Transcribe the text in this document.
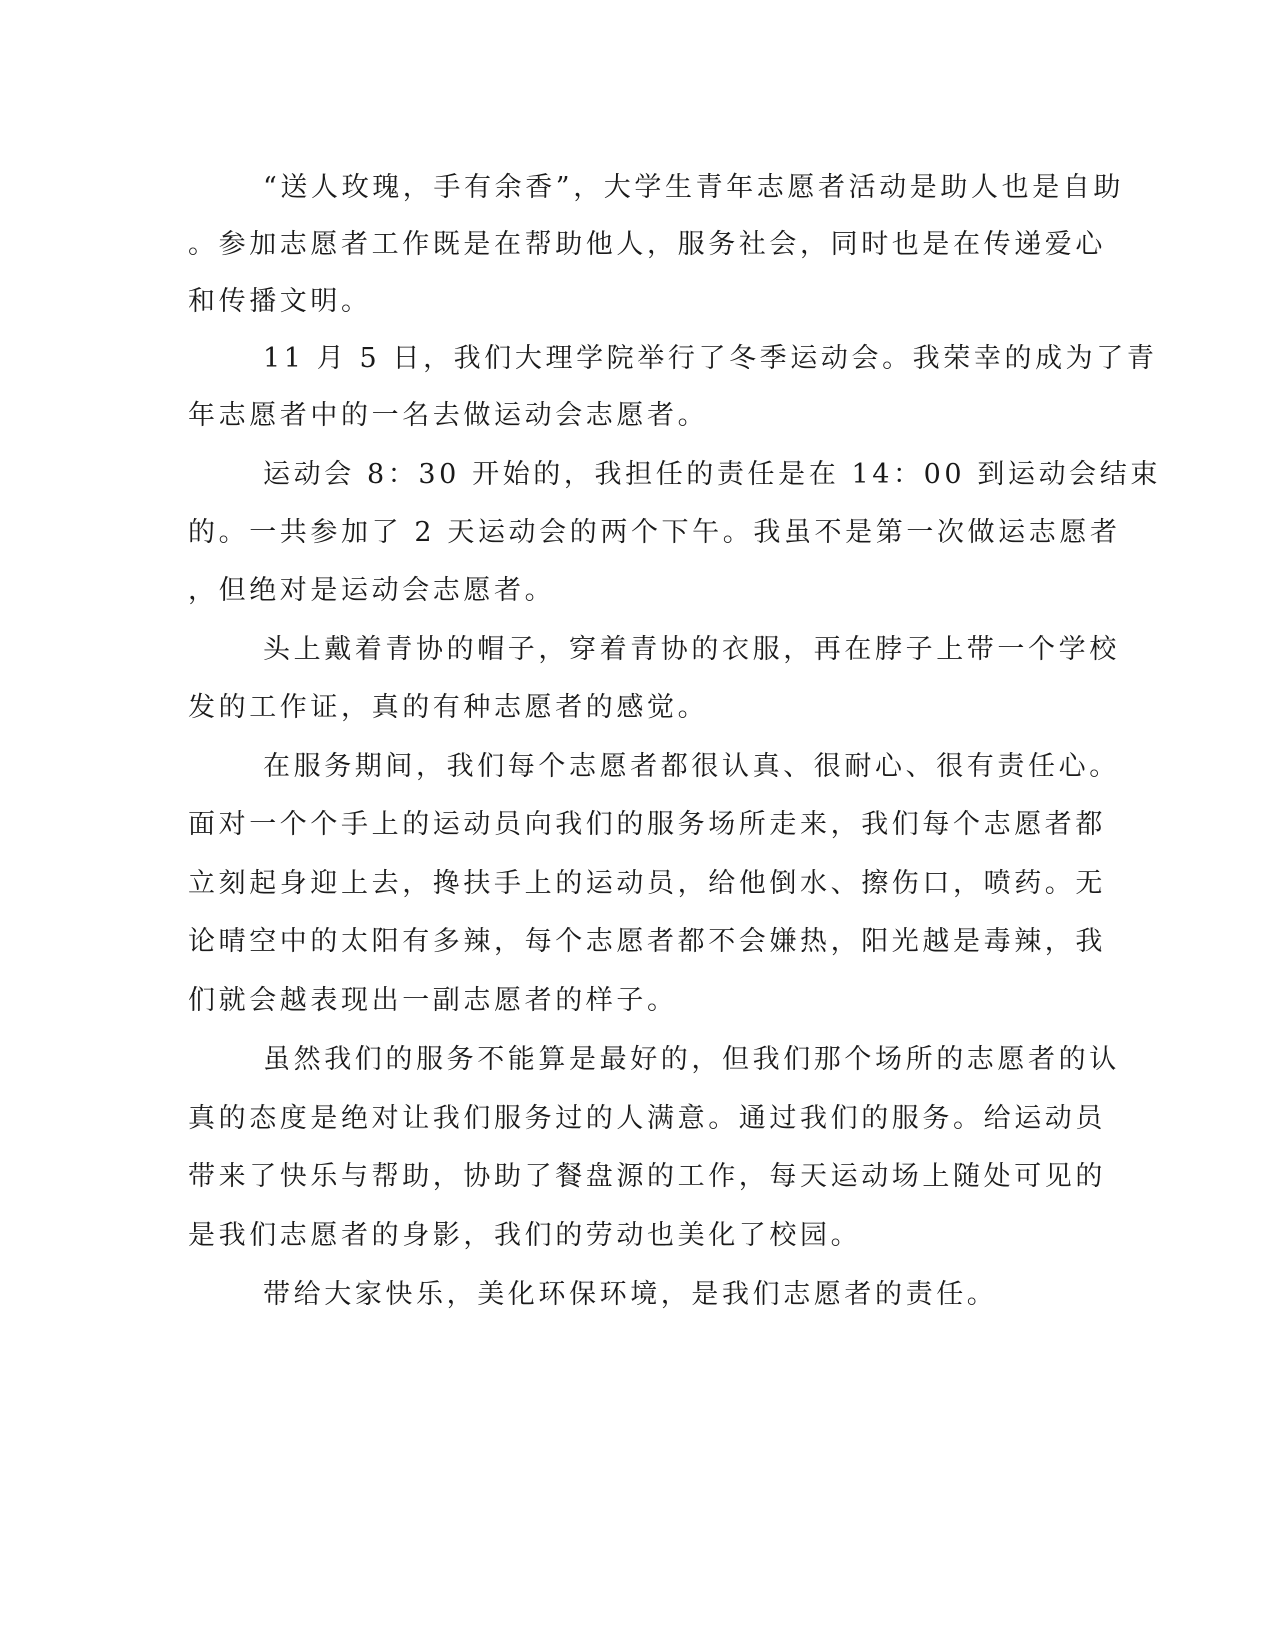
“送人玫瑰，手有余香”，大学生青年志愿者活动是助人也是自助

。参加志愿者工作既是在帮助他人，服务社会，同时也是在传递爱心

和传播文明。

11 月 5 日，我们大理学院举行了冬季运动会。我荣幸的成为了青

年志愿者中的一名去做运动会志愿者。

运动会 8：30 开始的，我担任的责任是在 14：00 到运动会结束

的。一共参加了 2 天运动会的两个下午。我虽不是第一次做运志愿者

，但绝对是运动会志愿者。

头上戴着青协的帽子，穿着青协的衣服，再在脖子上带一个学校

发的工作证，真的有种志愿者的感觉。

在服务期间，我们每个志愿者都很认真、很耐心、很有责任心。

面对一个个手上的运动员向我们的服务场所走来，我们每个志愿者都

立刻起身迎上去，搀扶手上的运动员，给他倒水、擦伤口，喷药。无

论晴空中的太阳有多辣，每个志愿者都不会嫌热，阳光越是毒辣，我

们就会越表现出一副志愿者的样子。

虽然我们的服务不能算是最好的，但我们那个场所的志愿者的认

真的态度是绝对让我们服务过的人满意。通过我们的服务。给运动员

带来了快乐与帮助，协助了餐盘源的工作，每天运动场上随处可见的

是我们志愿者的身影，我们的劳动也美化了校园。

带给大家快乐，美化环保环境，是我们志愿者的责任。
